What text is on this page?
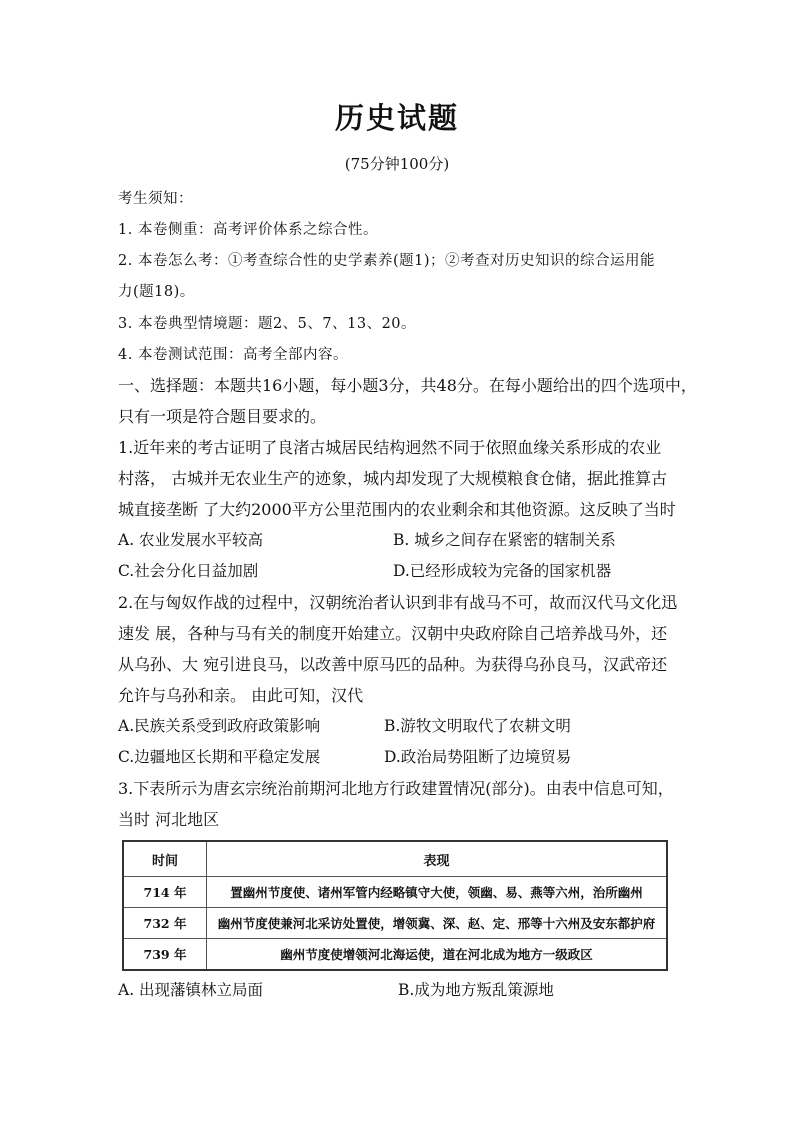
历史试题
(75分钟100分)
考生须知：
1. 本卷侧重：高考评价体系之综合性。
2. 本卷怎么考：①考查综合性的史学素养(题1)；②考查对历史知识的综合运用能
力(题18)。
3. 本卷典型情境题：题2、5、7、13、20。
4. 本卷测试范围：高考全部内容。
一、选择题：本题共16小题，每小题3分，共48分。在每小题给出的四个选项中，
只有一项是符合题目要求的。
1.近年来的考古证明了良渚古城居民结构迥然不同于依照血缘关系形成的农业
村落， 古城并无农业生产的迹象，城内却发现了大规模粮食仓储，据此推算古
城直接垄断 了大约2000平方公里范围内的农业剩余和其他资源。这反映了当时
A. 农业发展水平较高	B. 城乡之间存在紧密的辖制关系
C.社会分化日益加剧	D.已经形成较为完备的国家机器
2.在与匈奴作战的过程中，汉朝统治者认识到非有战马不可，故而汉代马文化迅
速发 展，各种与马有关的制度开始建立。汉朝中央政府除自己培养战马外，还
从乌孙、大 宛引进良马，以改善中原马匹的品种。为获得乌孙良马，汉武帝还
允许与乌孙和亲。 由此可知，汉代
A.民族关系受到政府政策影响	B.游牧文明取代了农耕文明
C.边疆地区长期和平稳定发展	D.政治局势阻断了边境贸易
3.下表所示为唐玄宗统治前期河北地方行政建置情况(部分)。由表中信息可知，
当时 河北地区
时间	表现
714 年	置幽州节度使、诸州军管内经略镇守大使，领幽、易、燕等六州，治所幽州
732 年	幽州节度使兼河北采访处置使，增领冀、深、赵、定、邢等十六州及安东都护府
739 年	幽州节度使增领河北海运使，道在河北成为地方一级政区
A. 出现藩镇林立局面	B.成为地方叛乱策源地
